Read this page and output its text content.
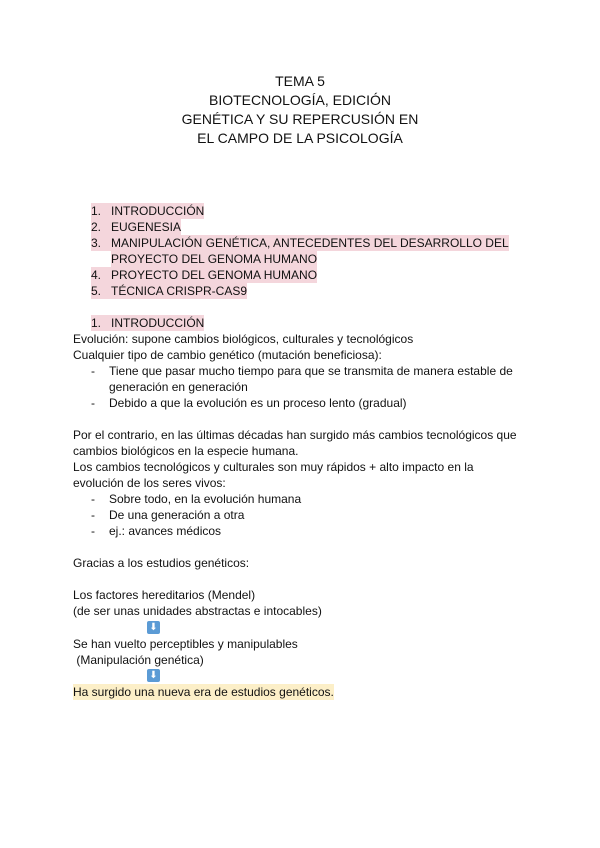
TEMA 5
BIOTECNOLOGÍA, EDICIÓN
GENÉTICA Y SU REPERCUSIÓN EN
EL CAMPO DE LA PSICOLOGÍA
1. INTRODUCCIÓN
2. EUGENESIA
3. MANIPULACIÓN GENÉTICA, ANTECEDENTES DEL DESARROLLO DEL
PROYECTO DEL GENOMA HUMANO
4. PROYECTO DEL GENOMA HUMANO
5. TÉCNICA CRISPR-CAS9
1. INTRODUCCIÓN
Evolución: supone cambios biológicos, culturales y tecnológicos
Cualquier tipo de cambio genético (mutación beneficiosa):
- Tiene que pasar mucho tiempo para que se transmita de manera estable de
generación en generación
- Debido a que la evolución es un proceso lento (gradual)
Por el contrario, en las últimas décadas han surgido más cambios tecnológicos que
cambios biológicos en la especie humana.
Los cambios tecnológicos y culturales son muy rápidos + alto impacto en la
evolución de los seres vivos:
- Sobre todo, en la evolución humana
- De una generación a otra
- ej.: avances médicos
Gracias a los estudios genéticos:
Los factores hereditarios (Mendel)
(de ser unas unidades abstractas e intocables)
⬇
Se han vuelto perceptibles y manipulables
(Manipulación genética)
⬇
Ha surgido una nueva era de estudios genéticos.
